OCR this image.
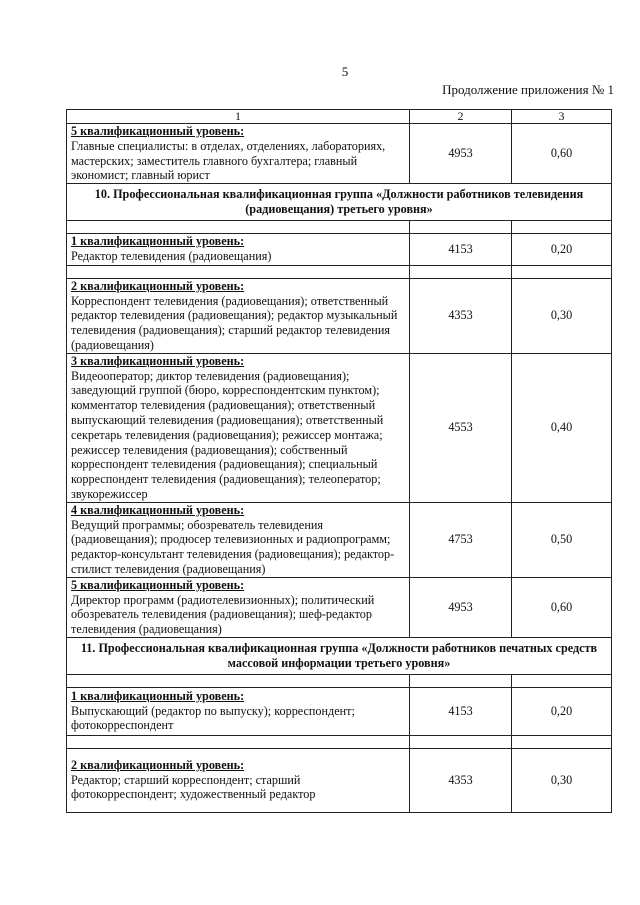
5
Продолжение приложения № 1
1	2	3

5 квалификационный уровень:
Главные специалисты: в отделах, отделениях, лабораториях, мастерских; заместитель главного бухгалтера; главный экономист; главный юрист	4953	0,60
10. Профессиональная квалификационная группа «Должности работников телевидения (радиовещания) третьего уровня»		

1 квалификационный уровень:
Редактор телевидения (радиовещания)	4153	0,20

2 квалификационный уровень:
Корреспондент телевидения (радиовещания); ответственный редактор телевидения (радиовещания); редактор музыкальный телевидения (радиовещания); старший редактор телевидения (радиовещания)	4353	0,30

3 квалификационный уровень:
Видеооператор; диктор телевидения (радиовещания); заведующий группой (бюро, корреспондентским пунктом); комментатор телевидения (радиовещания); ответственный выпускающий телевидения (радиовещания); ответственный секретарь телевидения (радиовещания); режиссер монтажа; режиссер телевидения (радиовещания); собственный корреспондент телевидения (радиовещания); специальный корреспондент телевидения (радиовещания); телеоператор; звукорежиссер	4553	0,40

4 квалификационный уровень:
Ведущий программы; обозреватель телевидения (радиовещания); продюсер телевизионных и радиопрограмм; редактор-консультант телевидения (радиовещания); редактор-стилист телевидения (радиовещания)	4753	0,50

5 квалификационный уровень:
Директор программ (радиотелевизионных); политический обозреватель телевидения (радиовещания); шеф-редактор телевидения (радиовещания)	4953	0,60
11. Профессиональная квалификационная группа «Должности работников печатных средств массовой информации третьего уровня»		

1 квалификационный уровень:
Выпускающий (редактор по выпуску); корреспондент; фотокорреспондент	4153	0,20

2 квалификационный уровень:
Редактор; старший корреспондент; старший фотокорреспондент; художественный редактор	4353	0,30
